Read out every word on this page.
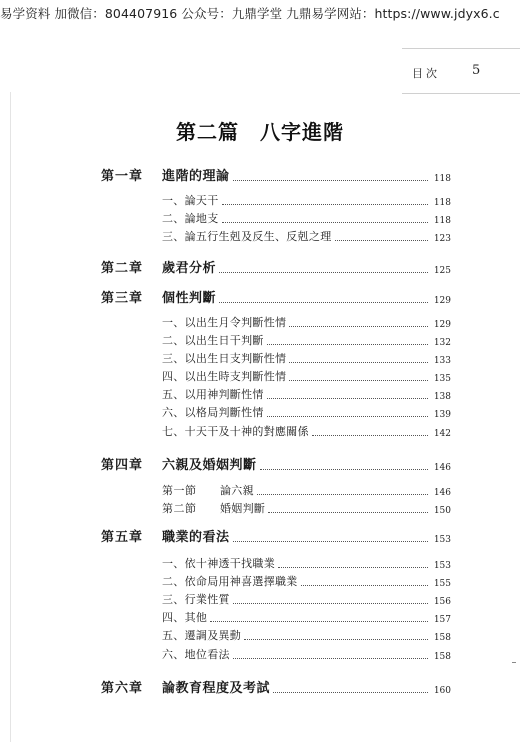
易学资料 加微信：804407916 公众号：九鼎学堂 九鼎易学网站：https://www.jdyx6.c
目次 5
第二篇　八字進階
第一章	進階的理論	118
一、論天干	118
二、論地支	118
三、論五行生剋及反生、反剋之理	123
第二章	歲君分析	125
第三章	個性判斷	129
一、以出生月令判斷性情	129
二、以出生日干判斷	132
三、以出生日支判斷性情	133
四、以出生時支判斷性情	135
五、以用神判斷性情	138
六、以格局判斷性情	139
七、十天干及十神的對應關係	142
第四章	六親及婚姻判斷	146
第一節	論六親	146
第二節	婚姻判斷	150
第五章	職業的看法	153
一、依十神透干找職業	153
二、依命局用神喜選擇職業	155
三、行業性質	156
四、其他	157
五、遷調及異動	158
六、地位看法	158
第六章	論教育程度及考試	160
